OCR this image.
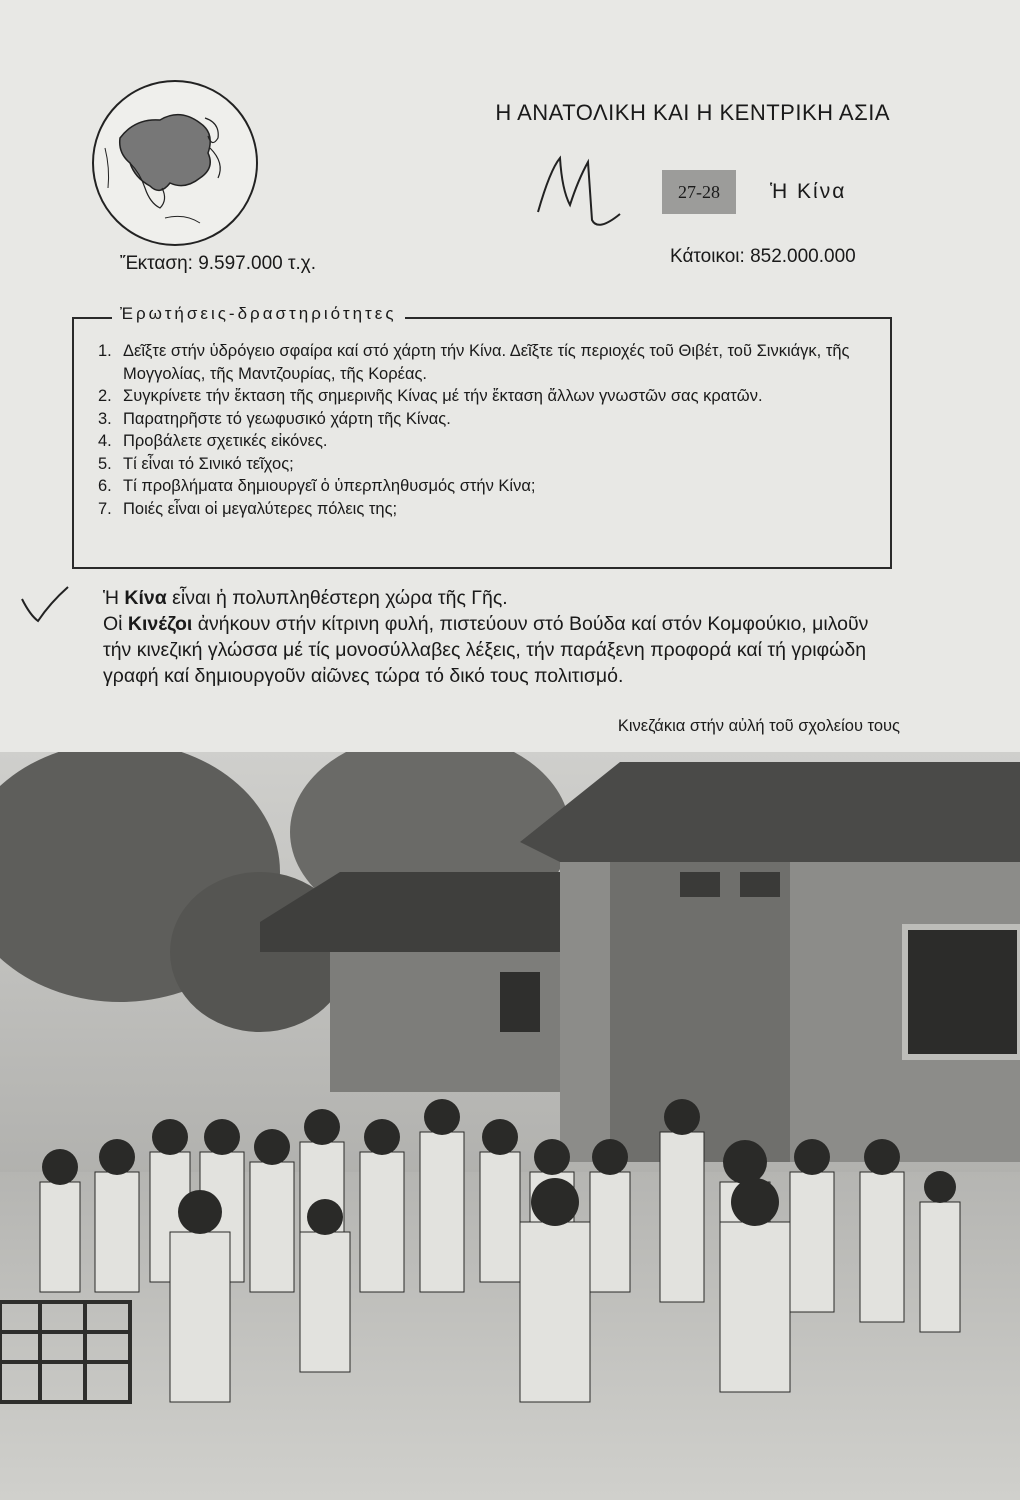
Η ΑΝΑΤΟΛΙΚΗ ΚΑΙ Η ΚΕΝΤΡΙΚΗ ΑΣΙΑ
27-28	Ἡ Κίνα
Ἔκταση: 9.597.000 τ.χ.	Κάτοικοι: 852.000.000
Ἐρωτήσεις-δραστηριότητες
1. Δεῖξτε στήν ὑδρόγειο σφαίρα καί στό χάρτη τήν Κίνα. Δεῖξτε τίς περιοχές τοῦ Θιβέτ, τοῦ Σινκιάγκ, τῆς Μογγολίας, τῆς Μαντζουρίας, τῆς Κορέας.
2. Συγκρίνετε τήν ἔκταση τῆς σημερινῆς Κίνας μέ τήν ἔκταση ἄλλων γνωστῶν σας κρατῶν.
3. Παρατηρῆστε τό γεωφυσικό χάρτη τῆς Κίνας.
4. Προβάλετε σχετικές εἰκόνες.
5. Τί εἶναι τό Σινικό τεῖχος;
6. Τί προβλήματα δημιουργεῖ ὁ ὑπερπληθυσμός στήν Κίνα;
7. Ποιές εἶναι οἱ μεγαλύτερες πόλεις της;

Ἡ Κίνα εἶναι ἡ πολυπληθέστερη χώρα τῆς Γῆς.

Οἱ Κινέζοι ἀνήκουν στήν κίτρινη φυλή, πιστεύουν στό Βούδα καί στόν Κομφούκιο, μιλοῦν τήν κινεζική γλώσσα μέ τίς μονοσύλλαβες λέξεις, τήν παράξενη προφορά καί τή γριφώδη γραφή καί δημιουργοῦν αἰῶνες τώρα τό δικό τους πολιτισμό.

Κινεζάκια στήν αὐλή τοῦ σχολείου τους
